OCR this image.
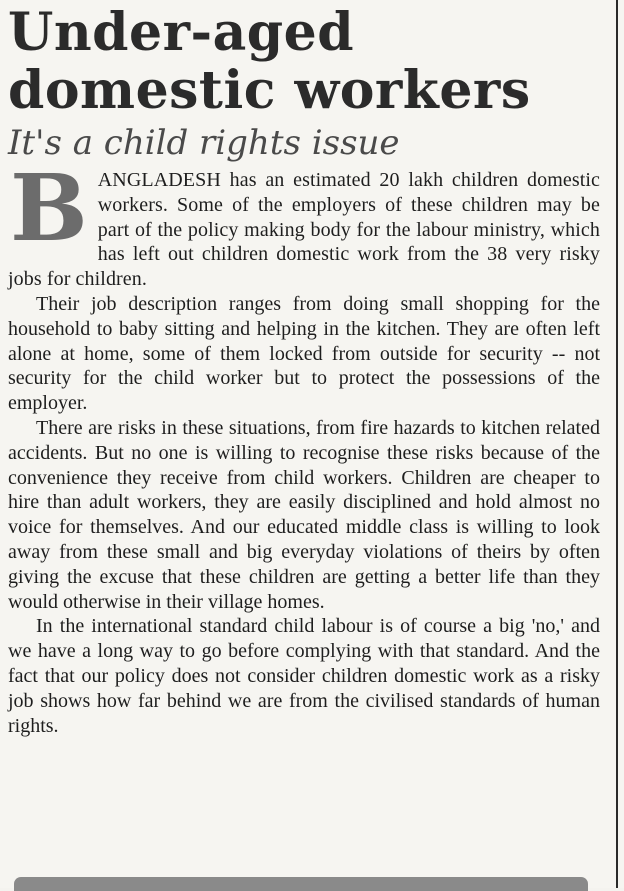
Under-aged
domestic workers
It's a child rights issue

BANGLADESH has an estimated 20 lakh children domestic workers. Some of the employers of these children may be part of the policy making body for the labour ministry, which has left out children domestic work from the 38 very risky jobs for children.

Their job description ranges from doing small shopping for the household to baby sitting and helping in the kitchen. They are often left alone at home, some of them locked from outside for security -- not security for the child worker but to protect the possessions of the employer.

There are risks in these situations, from fire hazards to kitchen related accidents. But no one is willing to recognise these risks because of the convenience they receive from child workers. Children are cheaper to hire than adult workers, they are easily disciplined and hold almost no voice for themselves. And our educated middle class is willing to look away from these small and big everyday violations of theirs by often giving the excuse that these children are getting a better life than they would otherwise in their village homes.

In the international standard child labour is of course a big 'no,' and we have a long way to go before complying with that standard. And the fact that our policy does not consider children domestic work as a risky job shows how far behind we are from the civilised standards of human rights.
